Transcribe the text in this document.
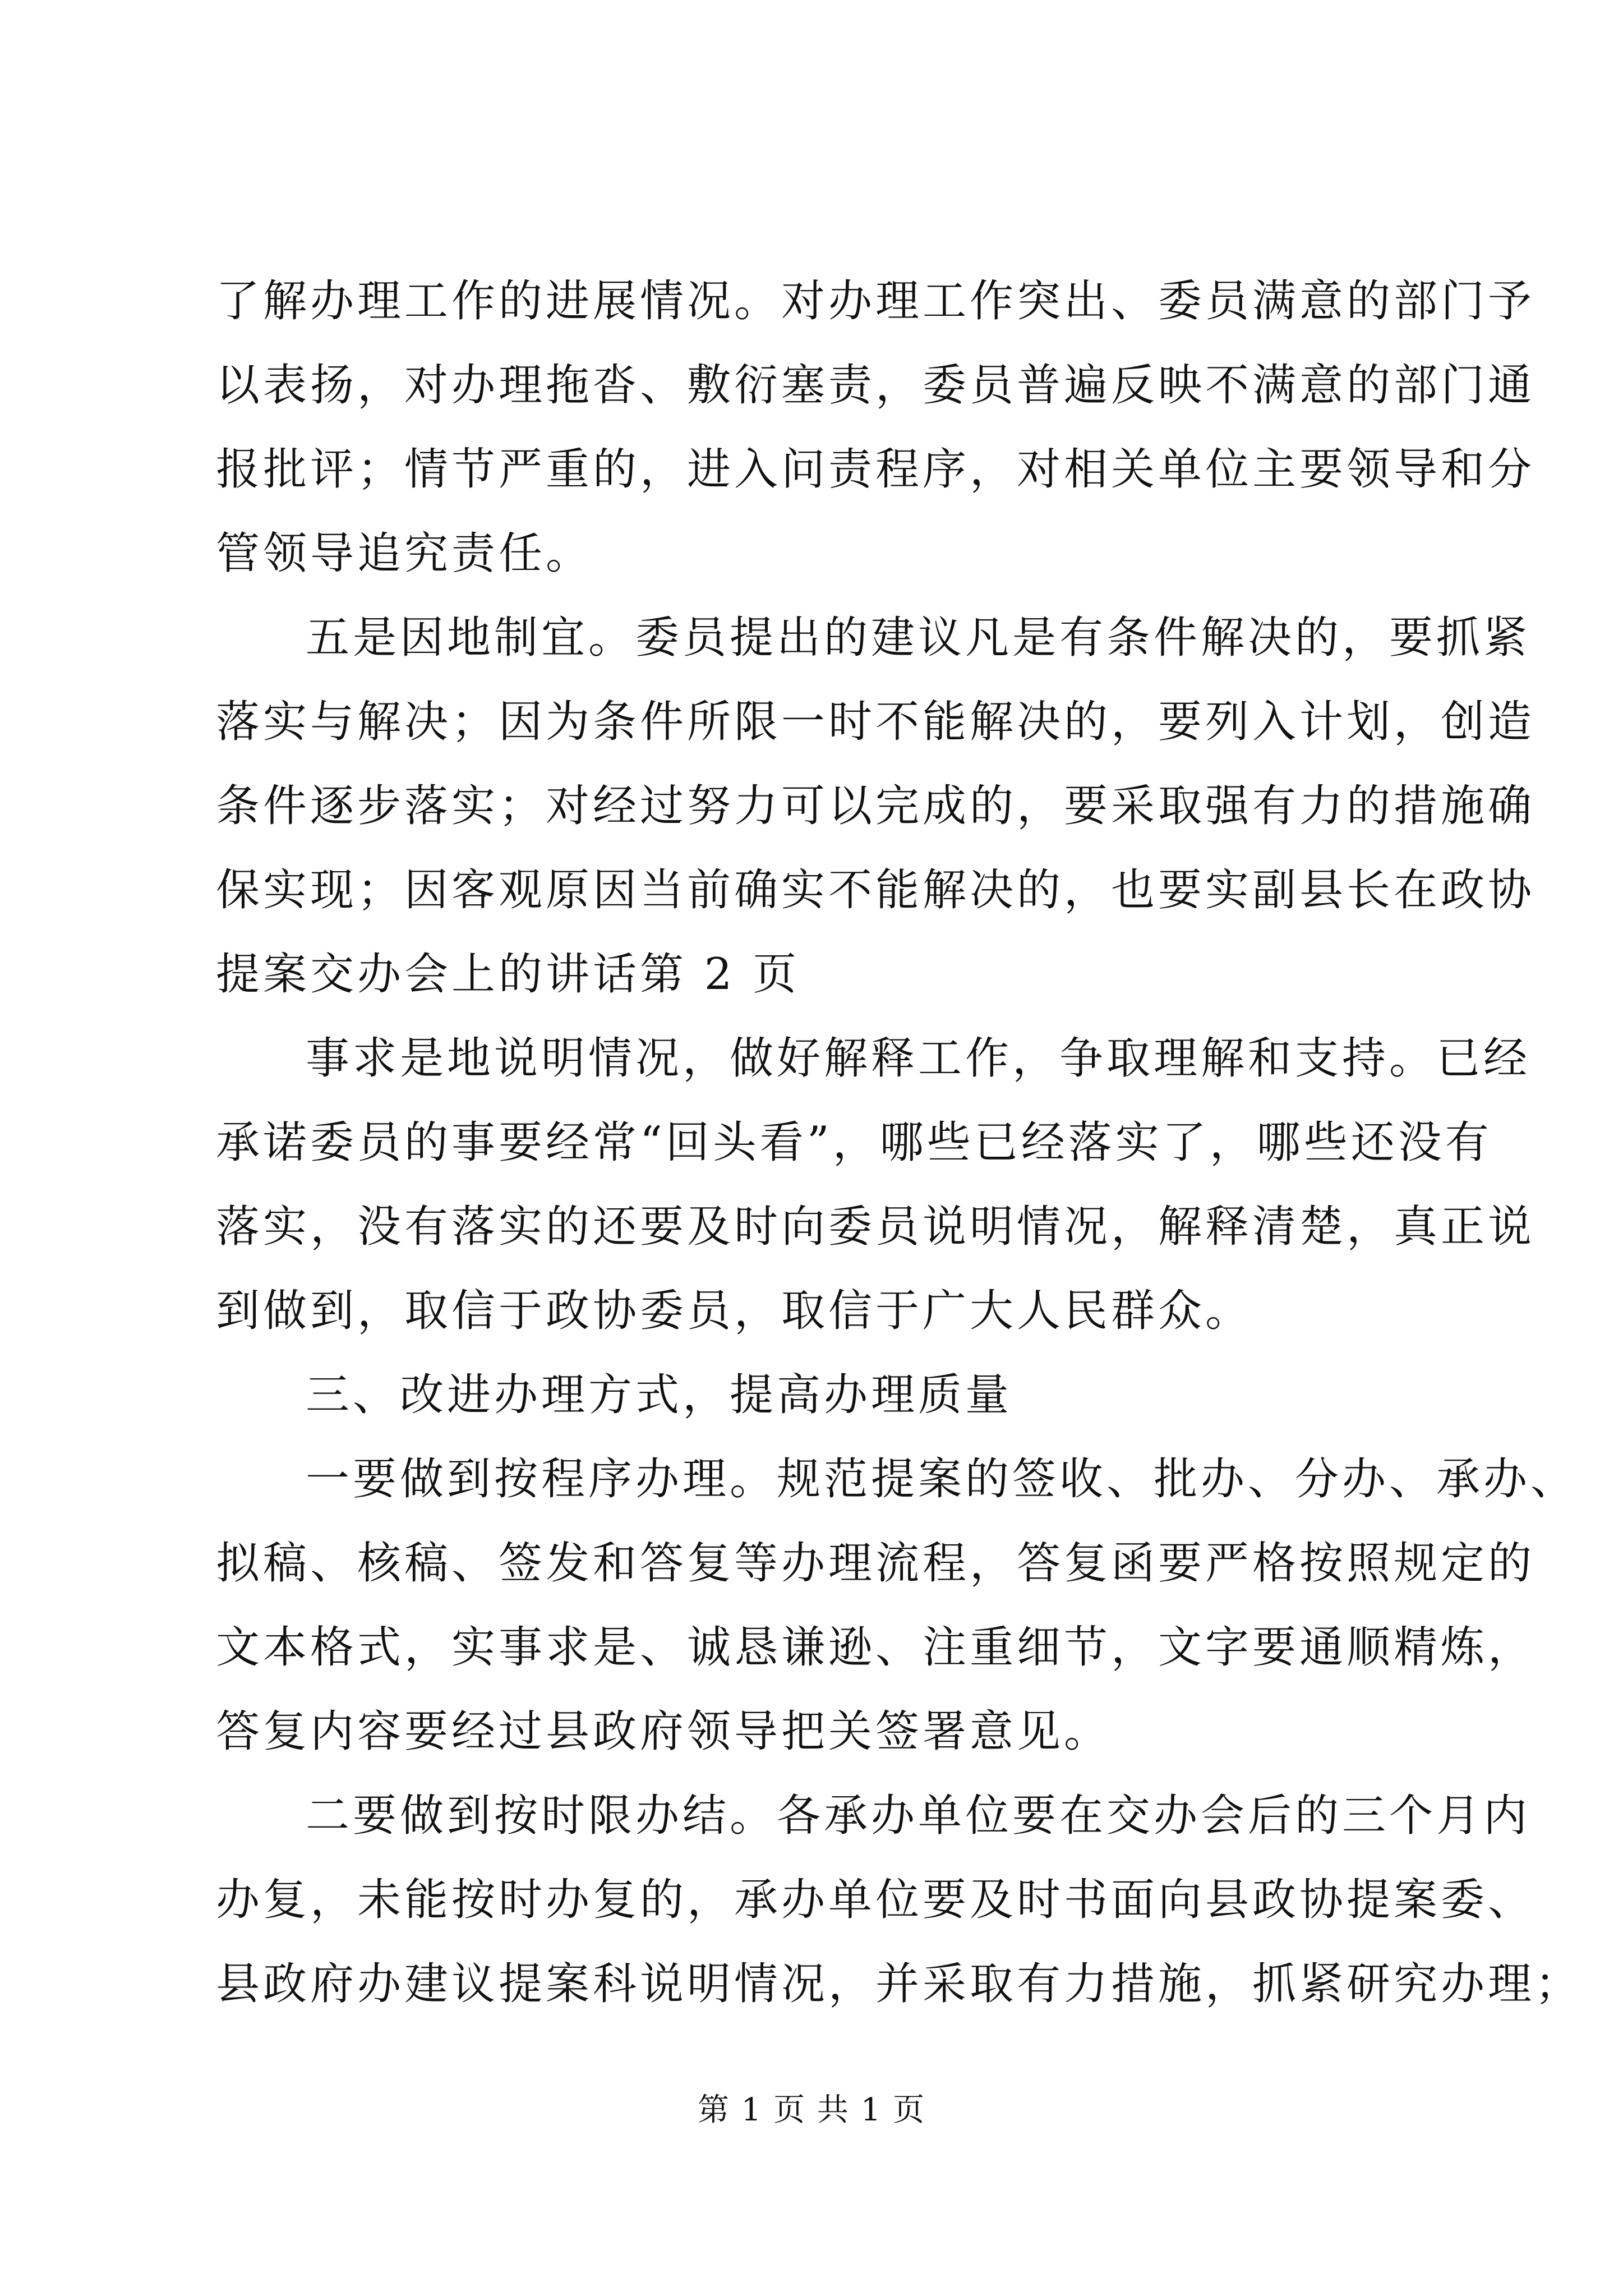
了解办理工作的进展情况。对办理工作突出、委员满意的部门予
以表扬，对办理拖沓、敷衍塞责，委员普遍反映不满意的部门通
报批评；情节严重的，进入问责程序，对相关单位主要领导和分
管领导追究责任。
五是因地制宜。委员提出的建议凡是有条件解决的，要抓紧
落实与解决；因为条件所限一时不能解决的，要列入计划，创造
条件逐步落实；对经过努力可以完成的，要采取强有力的措施确
保实现；因客观原因当前确实不能解决的，也要实副县长在政协
提案交办会上的讲话第 2 页
事求是地说明情况，做好解释工作，争取理解和支持。已经
承诺委员的事要经常“回头看”，哪些已经落实了，哪些还没有
落实，没有落实的还要及时向委员说明情况，解释清楚，真正说
到做到，取信于政协委员，取信于广大人民群众。
三、改进办理方式，提高办理质量
一要做到按程序办理。规范提案的签收、批办、分办、承办、
拟稿、核稿、签发和答复等办理流程，答复函要严格按照规定的
文本格式，实事求是、诚恳谦逊、注重细节，文字要通顺精炼，
答复内容要经过县政府领导把关签署意见。
二要做到按时限办结。各承办单位要在交办会后的三个月内
办复，未能按时办复的，承办单位要及时书面向县政协提案委、
县政府办建议提案科说明情况，并采取有力措施，抓紧研究办理；
第 1 页 共 1 页
